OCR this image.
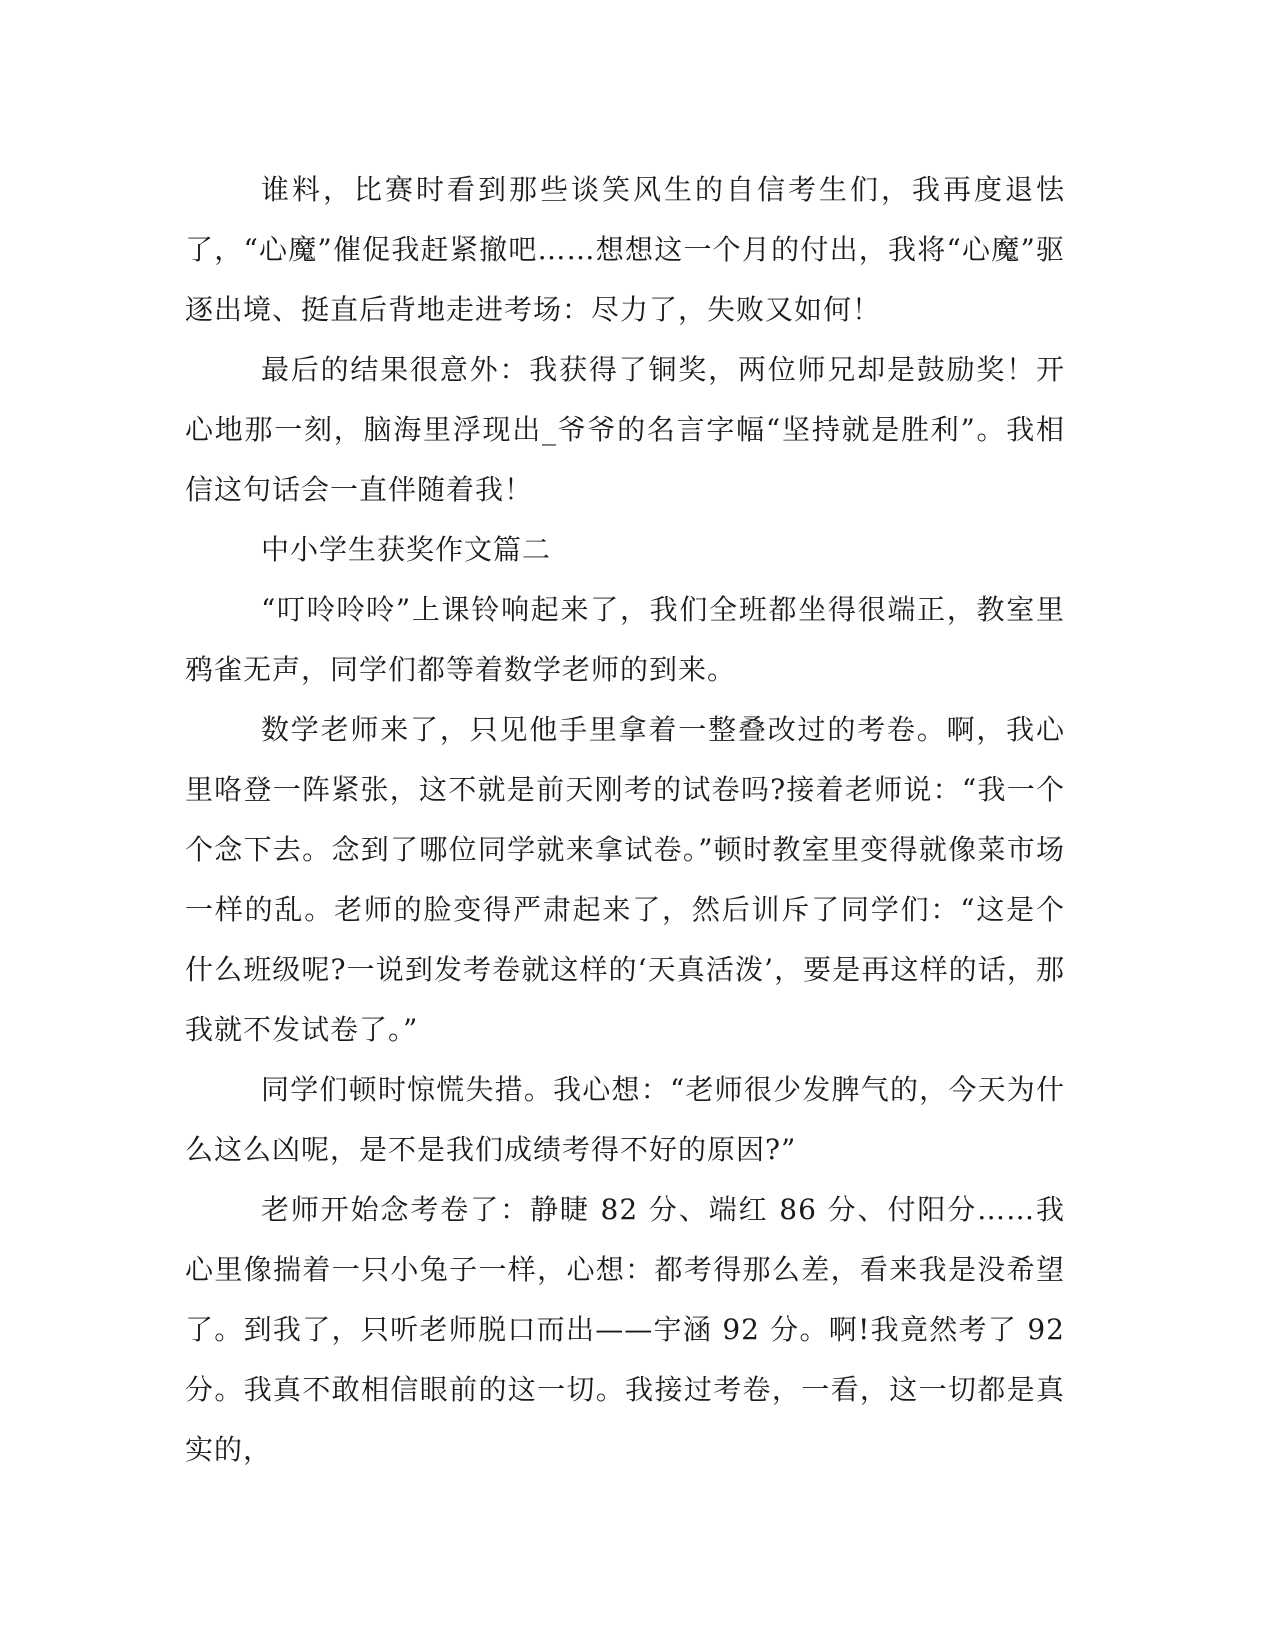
谁料，比赛时看到那些谈笑风生的自信考生们，我再度退怯了，“心魔”催促我赶紧撤吧……想想这一个月的付出，我将“心魔”驱逐出境、挺直后背地走进考场：尽力了，失败又如何！

最后的结果很意外：我获得了铜奖，两位师兄却是鼓励奖！开心地那一刻，脑海里浮现出_爷爷的名言字幅“坚持就是胜利”。我相信这句话会一直伴随着我！

中小学生获奖作文篇二

“叮呤呤呤”上课铃响起来了，我们全班都坐得很端正，教室里鸦雀无声，同学们都等着数学老师的到来。

数学老师来了，只见他手里拿着一整叠改过的考卷。啊，我心里咯登一阵紧张，这不就是前天刚考的试卷吗?接着老师说：“我一个个念下去。念到了哪位同学就来拿试卷。”顿时教室里变得就像菜市场一样的乱。老师的脸变得严肃起来了，然后训斥了同学们：“这是个什么班级呢?一说到发考卷就这样的‘天真活泼’，要是再这样的话，那我就不发试卷了。”

同学们顿时惊慌失措。我心想：“老师很少发脾气的，今天为什么这么凶呢，是不是我们成绩考得不好的原因?”

老师开始念考卷了：静睫 82 分、端红 86 分、付阳分……我心里像揣着一只小兔子一样，心想：都考得那么差，看来我是没希望了。到我了，只听老师脱口而出——宇涵 92 分。啊!我竟然考了 92 分。我真不敢相信眼前的这一切。我接过考卷，一看，这一切都是真实的，
